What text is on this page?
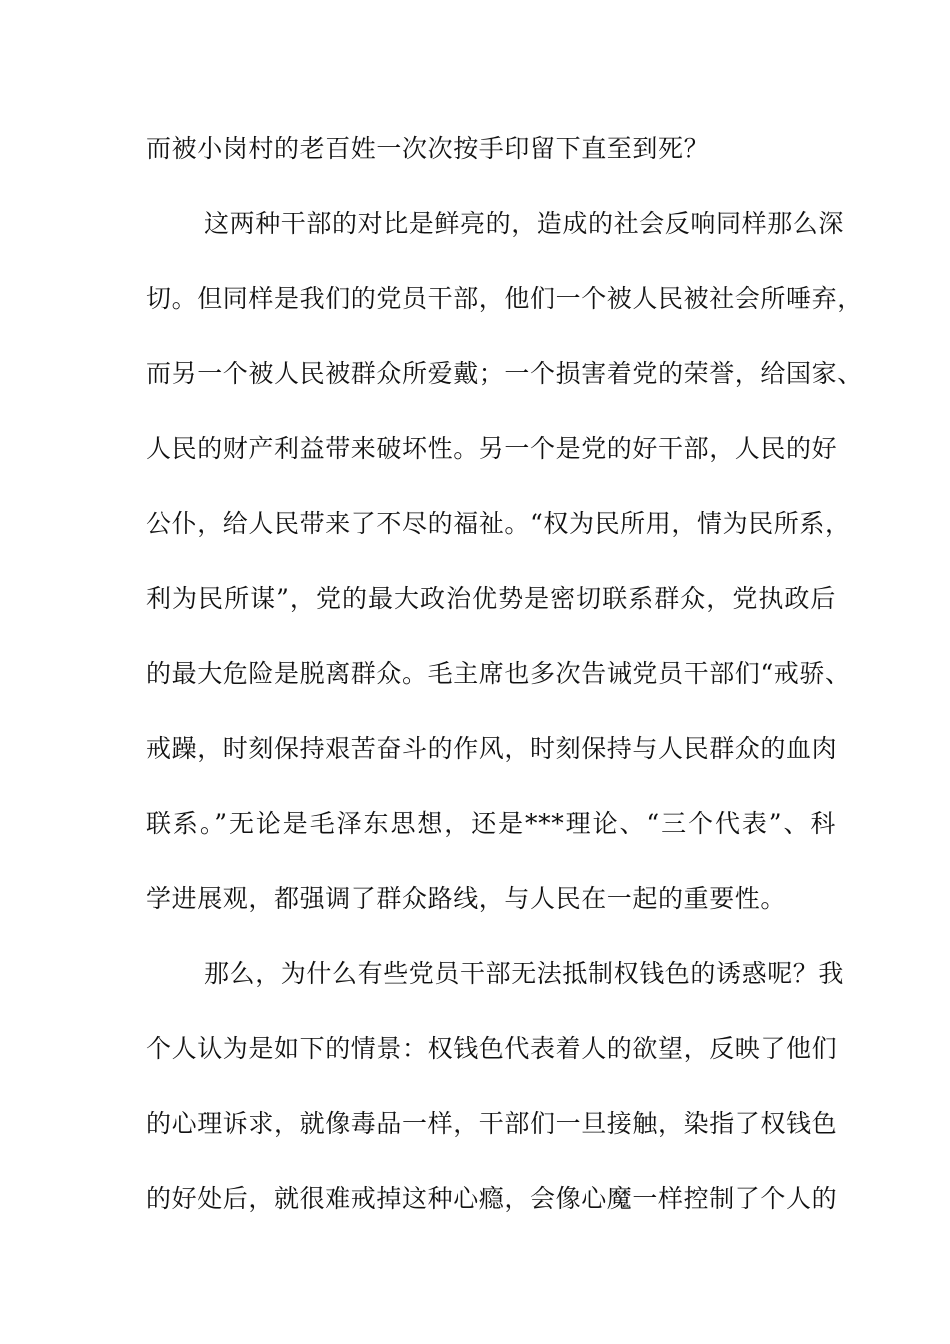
而被小岗村的老百姓一次次按手印留下直至到死？
这两种干部的对比是鲜亮的，造成的社会反响同样那么深
切。但同样是我们的党员干部，他们一个被人民被社会所唾弃，
而另一个被人民被群众所爱戴；一个损害着党的荣誉，给国家、
人民的财产利益带来破坏性。另一个是党的好干部，人民的好
公仆，给人民带来了不尽的福祉。“权为民所用，情为民所系，
利为民所谋”，党的最大政治优势是密切联系群众，党执政后
的最大危险是脱离群众。毛主席也多次告诫党员干部们“戒骄、
戒躁，时刻保持艰苦奋斗的作风，时刻保持与人民群众的血肉
联系。”无论是毛泽东思想，还是***理论、“三个代表”、科
学进展观，都强调了群众路线，与人民在一起的重要性。
那么，为什么有些党员干部无法抵制权钱色的诱惑呢？我
个人认为是如下的情景：权钱色代表着人的欲望，反映了他们
的心理诉求，就像毒品一样，干部们一旦接触，染指了权钱色
的好处后，就很难戒掉这种心瘾，会像心魔一样控制了个人的
